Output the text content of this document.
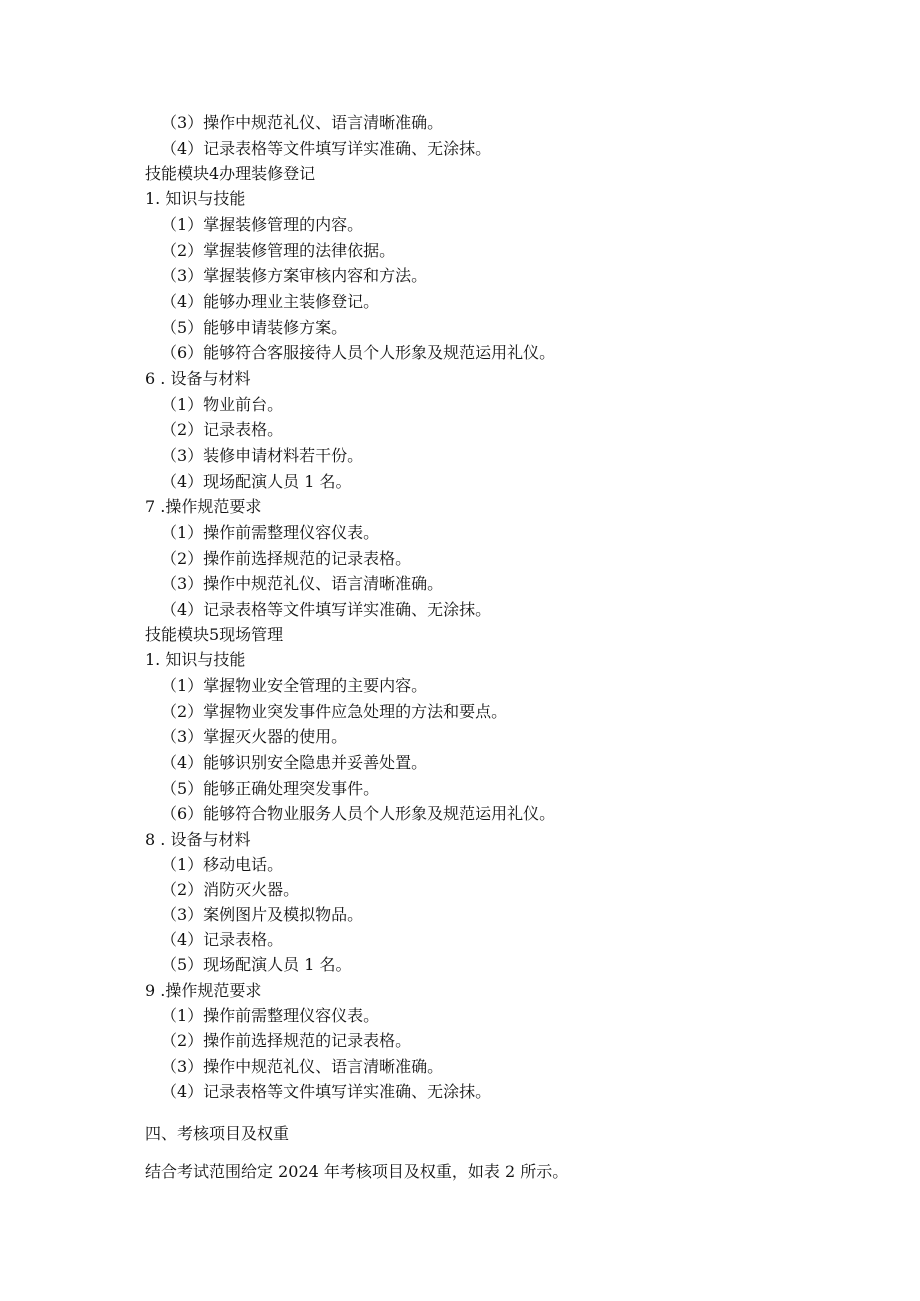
（3）操作中规范礼仪、语言清晰准确。
（4）记录表格等文件填写详实准确、无涂抹。
技能模块4办理装修登记
1. 知识与技能
（1）掌握装修管理的内容。
（2）掌握装修管理的法律依据。
（3）掌握装修方案审核内容和方法。
（4）能够办理业主装修登记。
（5）能够申请装修方案。
（6）能够符合客服接待人员个人形象及规范运用礼仪。
6 . 设备与材料
（1）物业前台。
（2）记录表格。
（3）装修申请材料若干份。
（4）现场配演人员 1 名。
7 .操作规范要求
（1）操作前需整理仪容仪表。
（2）操作前选择规范的记录表格。
（3）操作中规范礼仪、语言清晰准确。
（4）记录表格等文件填写详实准确、无涂抹。
技能模块5现场管理
1. 知识与技能
（1）掌握物业安全管理的主要内容。
（2）掌握物业突发事件应急处理的方法和要点。
（3）掌握灭火器的使用。
（4）能够识别安全隐患并妥善处置。
（5）能够正确处理突发事件。
（6）能够符合物业服务人员个人形象及规范运用礼仪。
8 . 设备与材料
（1）移动电话。
（2）消防灭火器。
（3）案例图片及模拟物品。
（4）记录表格。
（5）现场配演人员 1 名。
9 .操作规范要求
（1）操作前需整理仪容仪表。
（2）操作前选择规范的记录表格。
（3）操作中规范礼仪、语言清晰准确。
（4）记录表格等文件填写详实准确、无涂抹。
四、考核项目及权重
结合考试范围给定 2024 年考核项目及权重，如表 2 所示。
